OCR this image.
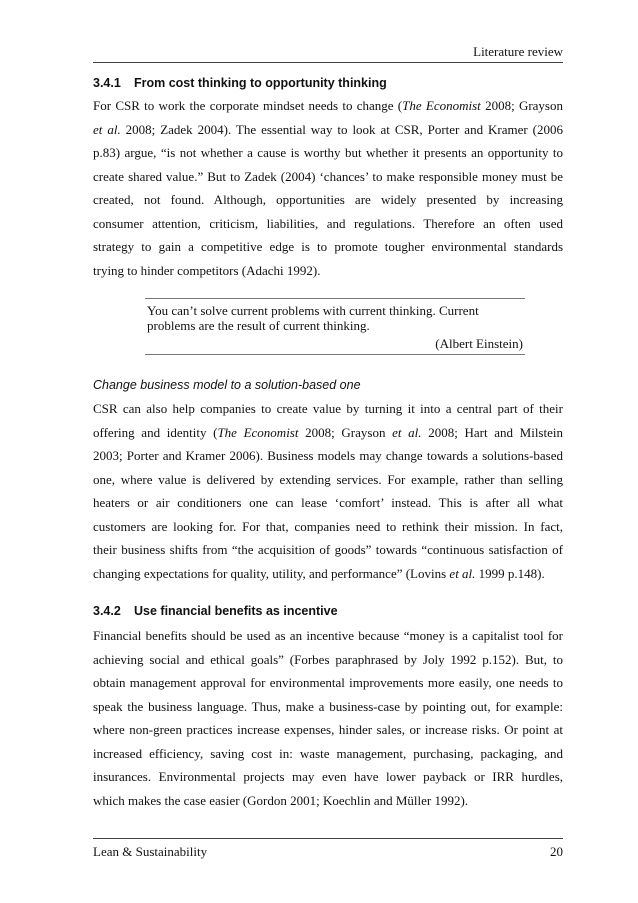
Literature review
3.4.1 From cost thinking to opportunity thinking
For CSR to work the corporate mindset needs to change (The Economist 2008; Grayson
et al. 2008; Zadek 2004). The essential way to look at CSR, Porter and Kramer (2006
p.83) argue, “is not whether a cause is worthy but whether it presents an opportunity to
create shared value.” But to Zadek (2004) ‘chances’ to make responsible money must be
created, not found. Although, opportunities are widely presented by increasing
consumer attention, criticism, liabilities, and regulations. Therefore an often used
strategy to gain a competitive edge is to promote tougher environmental standards
trying to hinder competitors (Adachi 1992).
You can’t solve current problems with current thinking. Current
problems are the result of current thinking.
(Albert Einstein)
Change business model to a solution-based one
CSR can also help companies to create value by turning it into a central part of their
offering and identity (The Economist 2008; Grayson et al. 2008; Hart and Milstein
2003; Porter and Kramer 2006). Business models may change towards a solutions-based
one, where value is delivered by extending services. For example, rather than selling
heaters or air conditioners one can lease ‘comfort’ instead. This is after all what
customers are looking for. For that, companies need to rethink their mission. In fact,
their business shifts from “the acquisition of goods” towards “continuous satisfaction of
changing expectations for quality, utility, and performance” (Lovins et al. 1999 p.148).
3.4.2 Use financial benefits as incentive
Financial benefits should be used as an incentive because “money is a capitalist tool for
achieving social and ethical goals” (Forbes paraphrased by Joly 1992 p.152). But, to
obtain management approval for environmental improvements more easily, one needs to
speak the business language. Thus, make a business-case by pointing out, for example:
where non-green practices increase expenses, hinder sales, or increase risks. Or point at
increased efficiency, saving cost in: waste management, purchasing, packaging, and
insurances. Environmental projects may even have lower payback or IRR hurdles,
which makes the case easier (Gordon 2001; Koechlin and Müller 1992).
Lean & Sustainability	20
